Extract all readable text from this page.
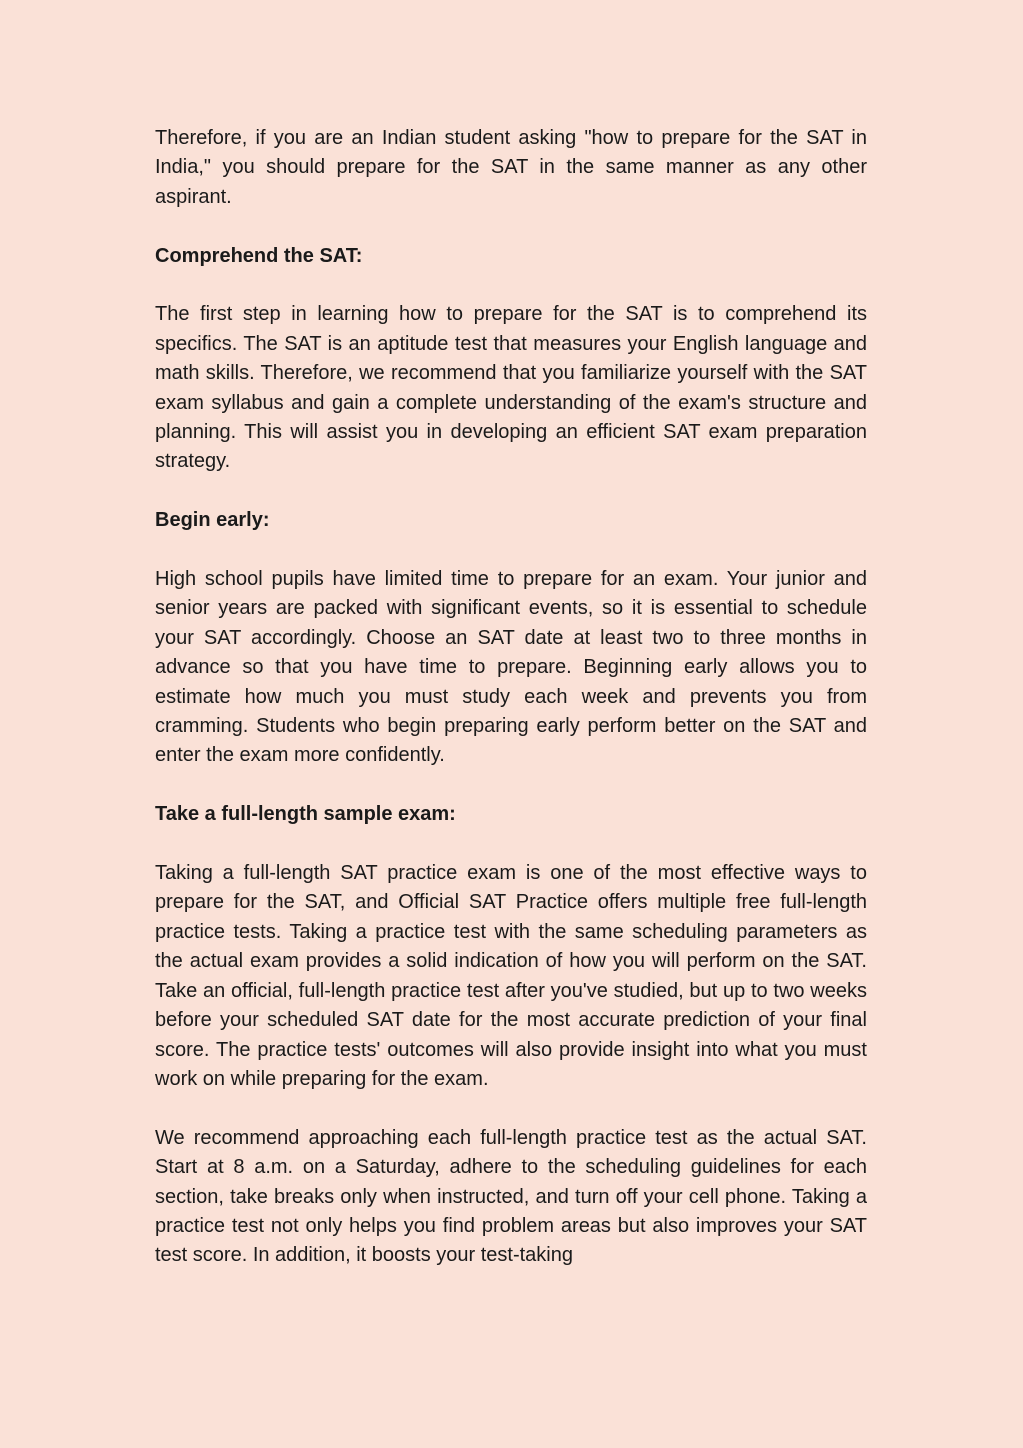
Therefore, if you are an Indian student asking "how to prepare for the SAT in India," you should prepare for the SAT in the same manner as any other aspirant.

Comprehend the SAT:

The first step in learning how to prepare for the SAT is to comprehend its specifics. The SAT is an aptitude test that measures your English language and math skills. Therefore, we recommend that you familiarize yourself with the SAT exam syllabus and gain a complete understanding of the exam's structure and planning. This will assist you in developing an efficient SAT exam preparation strategy.

Begin early:

High school pupils have limited time to prepare for an exam. Your junior and senior years are packed with significant events, so it is essential to schedule your SAT accordingly. Choose an SAT date at least two to three months in advance so that you have time to prepare. Beginning early allows you to estimate how much you must study each week and prevents you from cramming. Students who begin preparing early perform better on the SAT and enter the exam more confidently.

Take a full-length sample exam:

Taking a full-length SAT practice exam is one of the most effective ways to prepare for the SAT, and Official SAT Practice offers multiple free full-length practice tests. Taking a practice test with the same scheduling parameters as the actual exam provides a solid indication of how you will perform on the SAT. Take an official, full-length practice test after you've studied, but up to two weeks before your scheduled SAT date for the most accurate prediction of your final score. The practice tests' outcomes will also provide insight into what you must work on while preparing for the exam.

We recommend approaching each full-length practice test as the actual SAT. Start at 8 a.m. on a Saturday, adhere to the scheduling guidelines for each section, take breaks only when instructed, and turn off your cell phone. Taking a practice test not only helps you find problem areas but also improves your SAT test score. In addition, it boosts your test-taking
